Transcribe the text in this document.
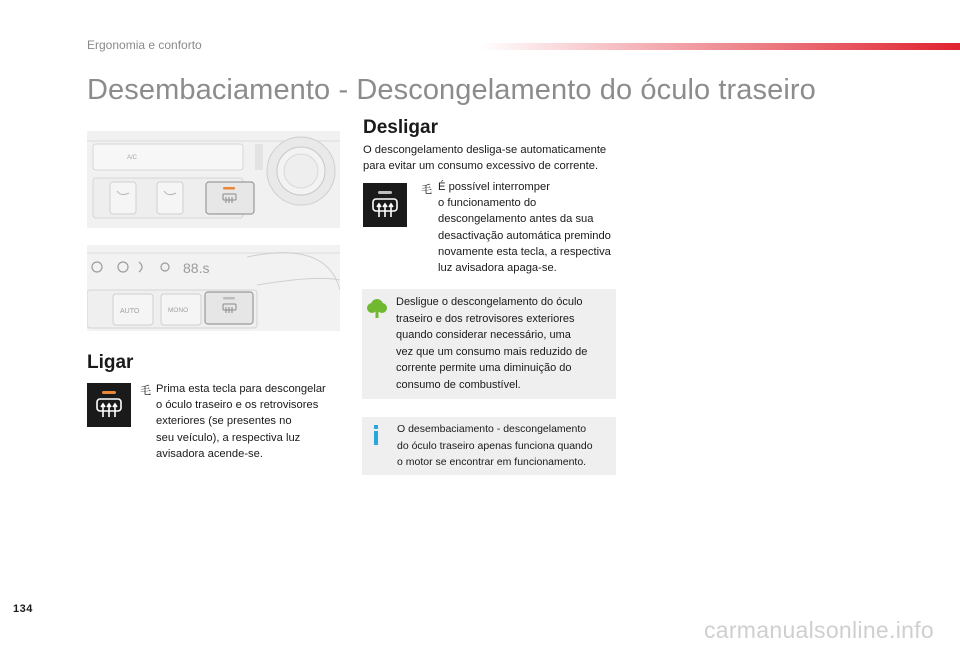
Ergonomia e conforto
Desembaciamento - Descongelamento do óculo traseiro
A/C
88.s
AUTO	MONO
Ligar
⽑ Prima esta tecla para descongelar
o óculo traseiro e os retrovisores
exteriores (se presentes no
seu veículo), a respectiva luz
avisadora acende-se.
Desligar
O descongelamento desliga-se automaticamente
para evitar um consumo excessivo de corrente.
⽑ É possível interromper
o funcionamento do
descongelamento antes da sua
desactivação automática premindo
novamente esta tecla, a respectiva
luz avisadora apaga-se.
Desligue o descongelamento do óculo
traseiro e dos retrovisores exteriores
quando considerar necessário, uma
vez que um consumo mais reduzido de
corrente permite uma diminuição do
consumo de combustível.
O desembaciamento - descongelamento
do óculo traseiro apenas funciona quando
o motor se encontrar em funcionamento.
134
carmanualsonline.info
